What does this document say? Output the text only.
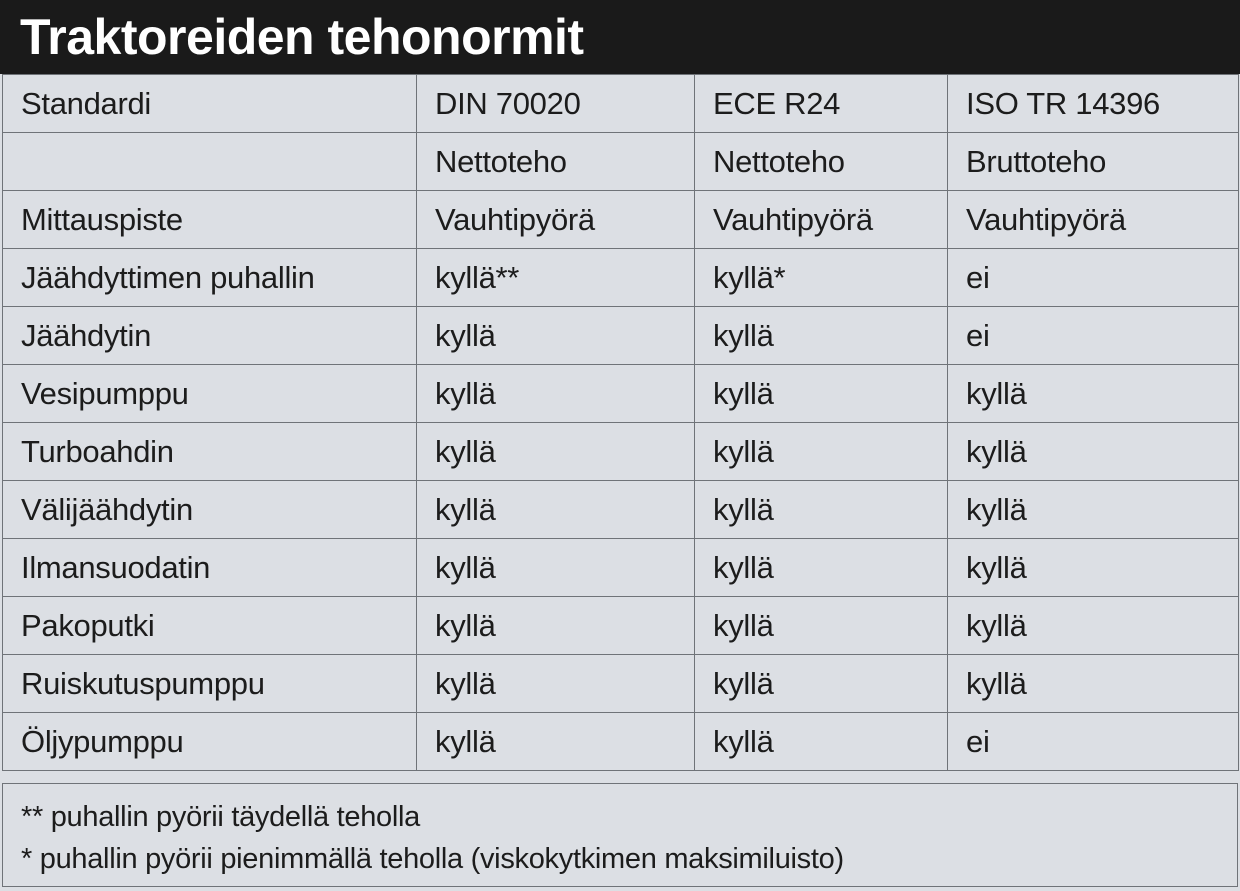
Traktoreiden tehonormit
Standardi	DIN 70020	ECE R24	ISO TR 14396
	Nettoteho	Nettoteho	Bruttoteho
Mittauspiste	Vauhtipyörä	Vauhtipyörä	Vauhtipyörä
Jäähdyttimen puhallin	kyllä**	kyllä*	ei
Jäähdytin	kyllä	kyllä	ei
Vesipumppu	kyllä	kyllä	kyllä
Turboahdin	kyllä	kyllä	kyllä
Välijäähdytin	kyllä	kyllä	kyllä
Ilmansuodatin	kyllä	kyllä	kyllä
Pakoputki	kyllä	kyllä	kyllä
Ruiskutuspumppu	kyllä	kyllä	kyllä
Öljypumppu	kyllä	kyllä	ei
** puhallin pyörii täydellä teholla
* puhallin pyörii pienimmällä teholla (viskokytkimen maksimiluisto)
